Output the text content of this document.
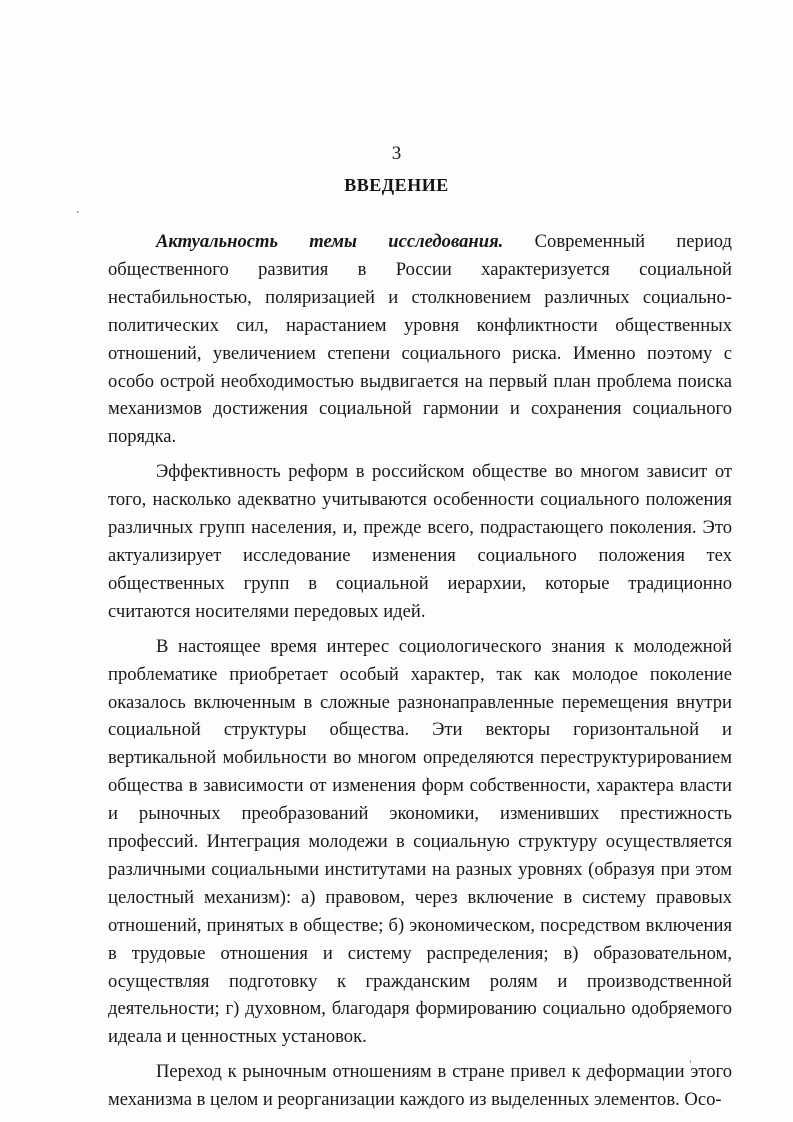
3
ВВЕДЕНИЕ

Актуальность темы исследования. Современный период общественного развития в России характеризуется социальной нестабильностью, поляризацией и столкновением различных социально-политических сил, нарастанием уровня конфликтности общественных отношений, увеличением степени социального риска. Именно поэтому с особо острой необходимостью выдвигается на первый план проблема поиска механизмов достижения социальной гармонии и сохранения социального порядка.

Эффективность реформ в российском обществе во многом зависит от того, насколько адекватно учитываются особенности социального положения различных групп населения, и, прежде всего, подрастающего поколения. Это актуализирует исследование изменения социального положения тех общественных групп в социальной иерархии, которые традиционно считаются носителями передовых идей.

В настоящее время интерес социологического знания к молодежной проблематике приобретает особый характер, так как молодое поколение оказалось включенным в сложные разнонаправленные перемещения внутри социальной структуры общества. Эти векторы горизонтальной и вертикальной мобильности во многом определяются переструктурированием общества в зависимости от изменения форм собственности, характера власти и рыночных преобразований экономики, изменивших престижность профессий. Интеграция молодежи в социальную структуру осуществляется различными социальными институтами на разных уровнях (образуя при этом целостный механизм): а) правовом, через включение в систему правовых отношений, принятых в обществе; б) экономическом, посредством включения в трудовые отношения и систему распределения; в) образовательном, осуществляя подготовку к гражданским ролям и производственной деятельности; г) духовном, благодаря формированию социально одобряемого идеала и ценностных установок.

Переход к рыночным отношениям в стране привел к деформации этого механизма в целом и реорганизации каждого из выделенных элементов. Осо-
